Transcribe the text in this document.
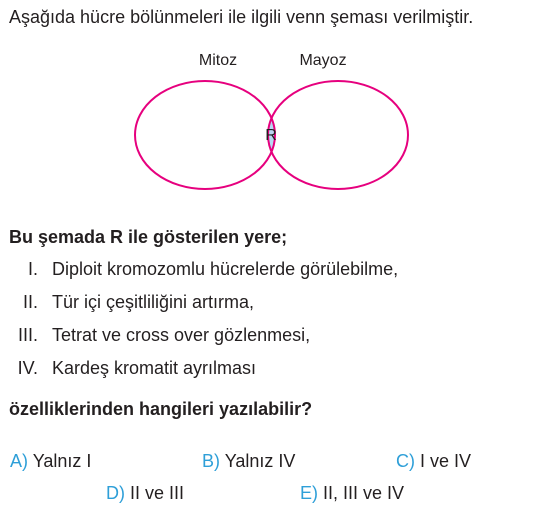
Aşağıda hücre bölünmeleri ile ilgili venn şeması verilmiştir.
Mitoz	Mayoz
R
Bu şemada R ile gösterilen yere;
I. Diploit kromozomlu hücrelerde görülebilme,
II. Tür içi çeşitliliğini artırma,
III. Tetrat ve cross over gözlenmesi,
IV. Kardeş kromatit ayrılması
özelliklerinden hangileri yazılabilir?
A) Yalnız I	B) Yalnız IV	C) I ve IV
D) II ve III	E) II, III ve IV
